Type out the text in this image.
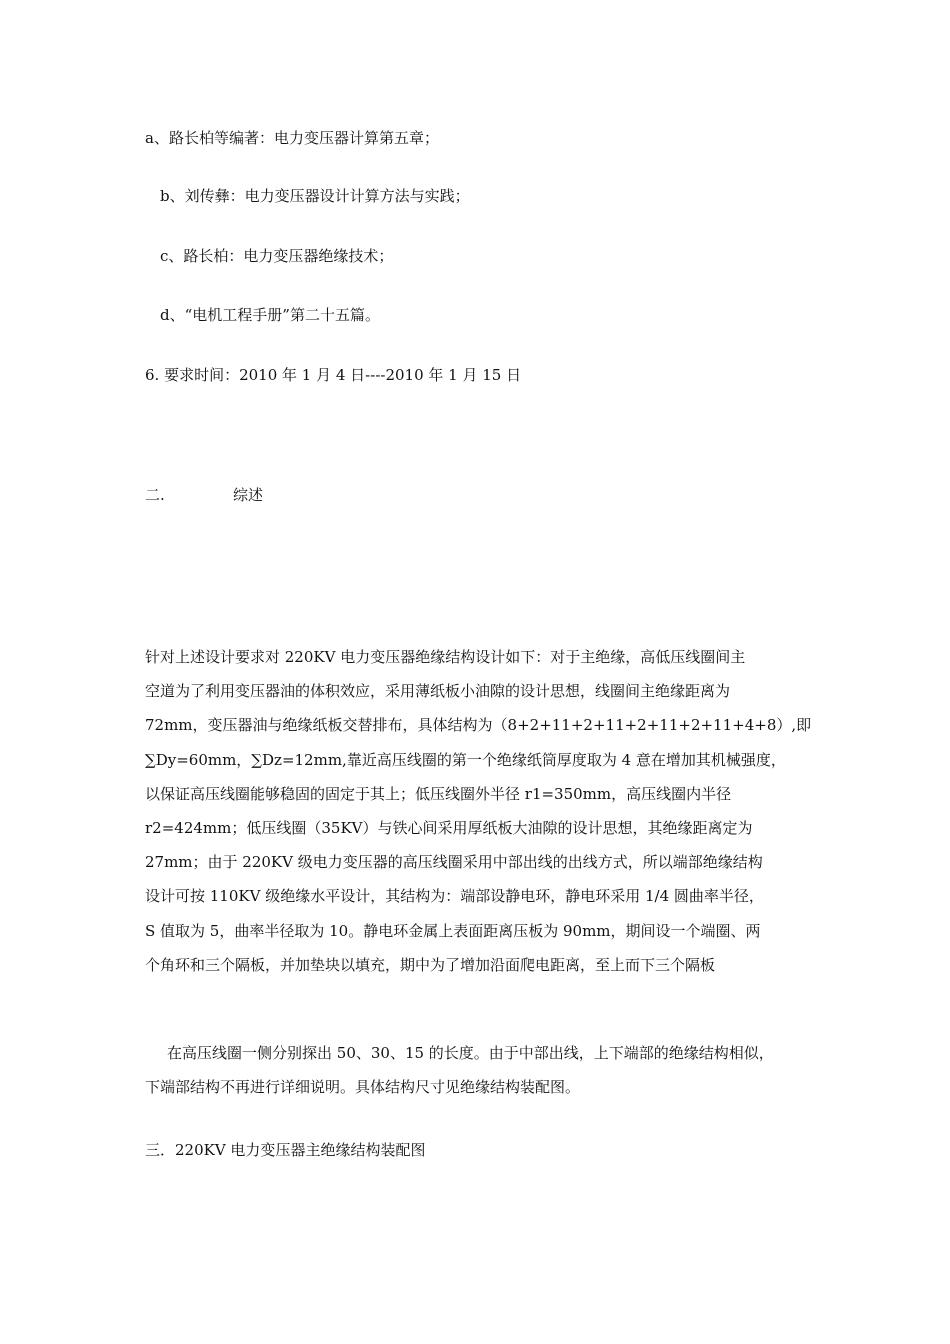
a、路长柏等编著：电力变压器计算第五章；
b、刘传彝：电力变压器设计计算方法与实践；
c、路长柏：电力变压器绝缘技术；
d、“电机工程手册”第二十五篇。
6. 要求时间：2010 年 1 月 4 日----2010 年 1 月 15 日
二.	综述
针对上述设计要求对 220KV 电力变压器绝缘结构设计如下：对于主绝缘，高低压线圈间主
空道为了利用变压器油的体积效应，采用薄纸板小油隙的设计思想，线圈间主绝缘距离为
72mm，变压器油与绝缘纸板交替排布，具体结构为（8+2+11+2+11+2+11+2+11+4+8）,即
∑Dy=60mm，∑Dz=12mm,靠近高压线圈的第一个绝缘纸筒厚度取为 4 意在增加其机械强度，
以保证高压线圈能够稳固的固定于其上；低压线圈外半径 r1=350mm，高压线圈内半径
r2=424mm；低压线圈（35KV）与铁心间采用厚纸板大油隙的设计思想，其绝缘距离定为
27mm；由于 220KV 级电力变压器的高压线圈采用中部出线的出线方式，所以端部绝缘结构
设计可按 110KV 级绝缘水平设计，其结构为：端部设静电环，静电环采用 1/4 圆曲率半径，
S 值取为 5，曲率半径取为 10。静电环金属上表面距离压板为 90mm，期间设一个端圈、两
个角环和三个隔板，并加垫块以填充，期中为了增加沿面爬电距离，至上而下三个隔板
在高压线圈一侧分别探出 50、30、15 的长度。由于中部出线，上下端部的绝缘结构相似，
下端部结构不再进行详细说明。具体结构尺寸见绝缘结构装配图。
三．220KV 电力变压器主绝缘结构装配图
